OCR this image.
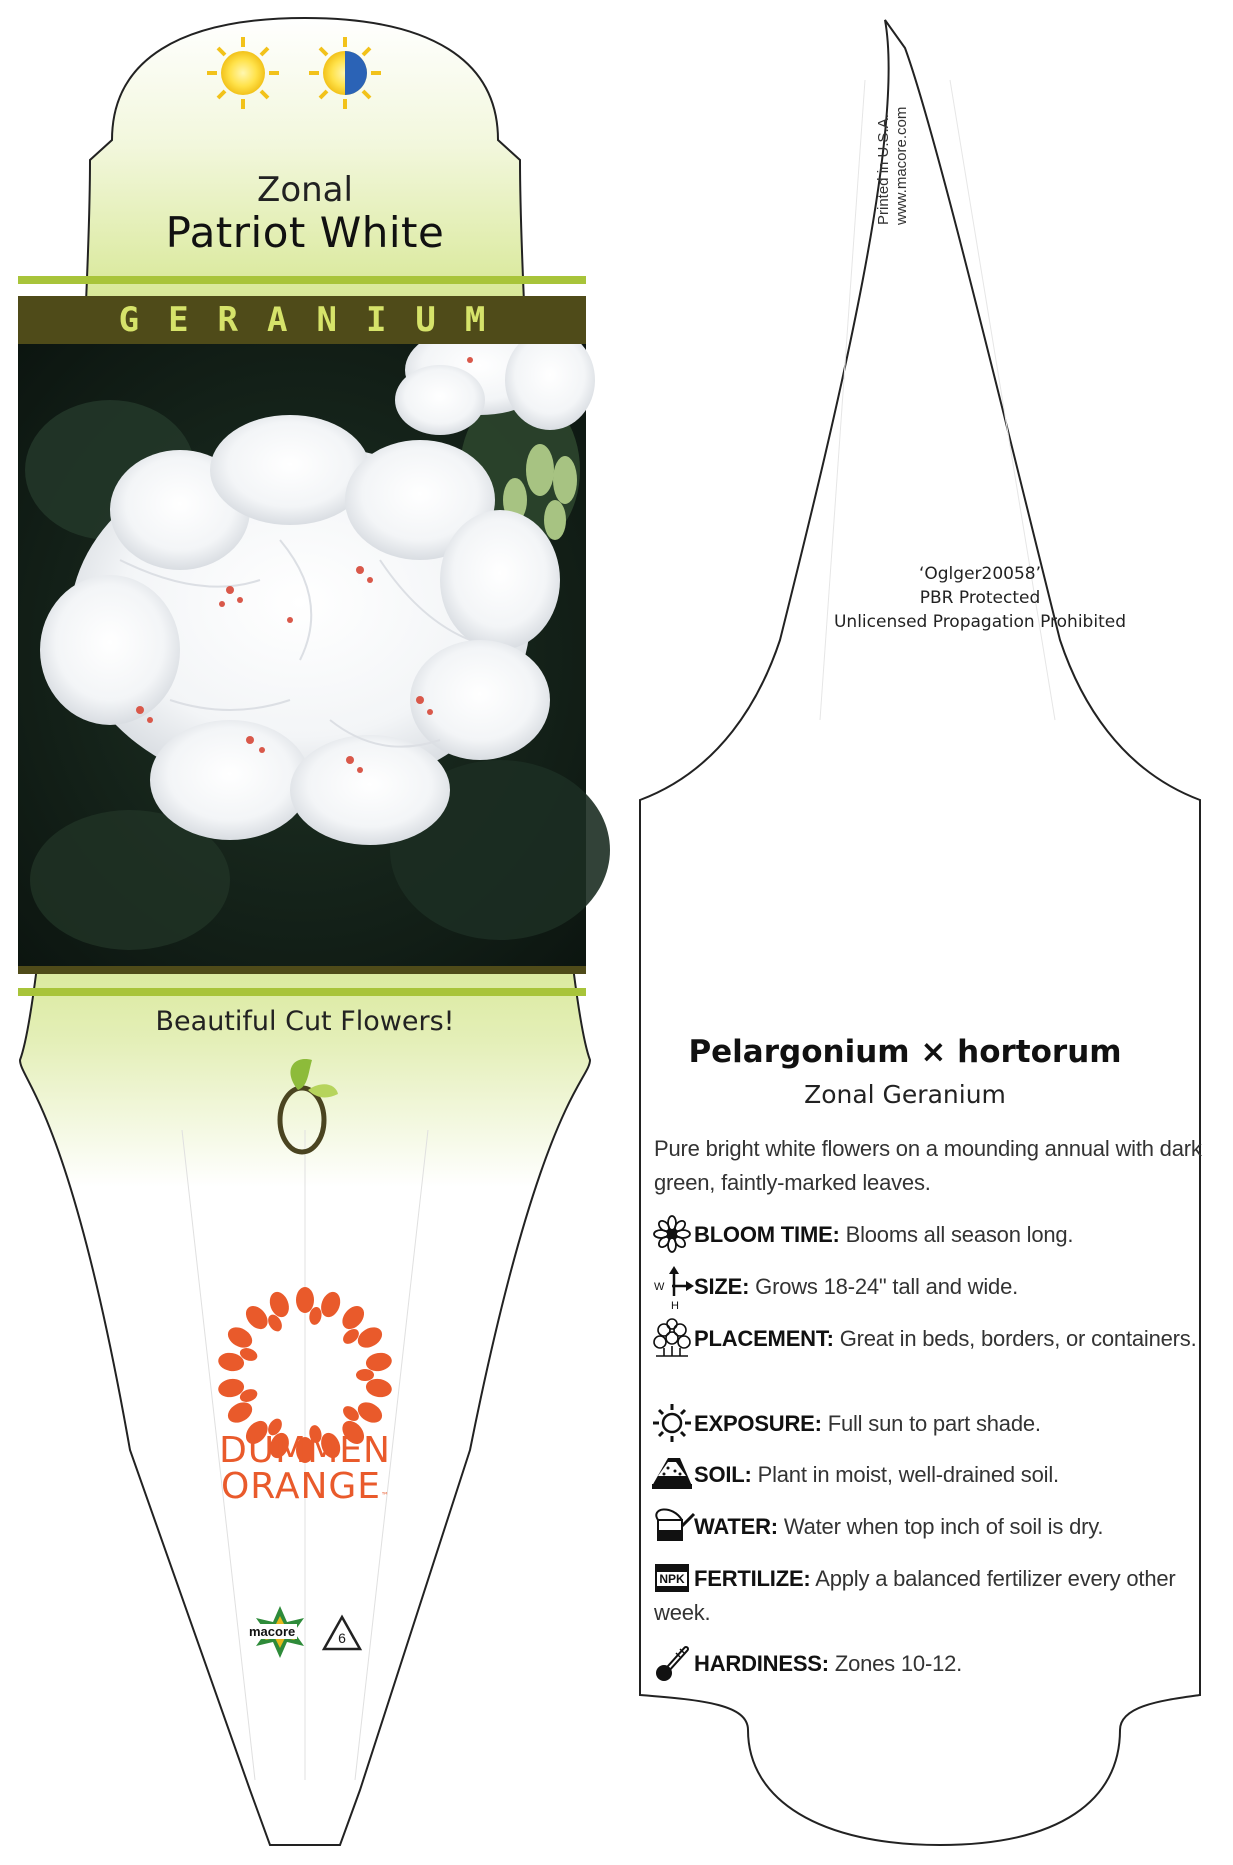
W
H
NPK
Zonal
Patriot White
GERANIUM
Beautiful Cut Flowers!
DÜMMEN
ORANGE™
macore	6
Printed in U.S.A. www.macore.com
‘Oglger20058’
PBR Protected
Unlicensed Propagation Prohibited
Pelargonium × hortorum
Zonal Geranium
Pure bright white flowers on a mounding annual with dark green, faintly-marked leaves.
BLOOM TIME: Blooms all season long.
SIZE: Grows 18-24" tall and wide.
PLACEMENT: Great in beds, borders, or containers.
EXPOSURE: Full sun to part shade.
SOIL: Plant in moist, well-drained soil.
WATER: Water when top inch of soil is dry.
FERTILIZE: Apply a balanced fertilizer every other week.
HARDINESS: Zones 10-12.
